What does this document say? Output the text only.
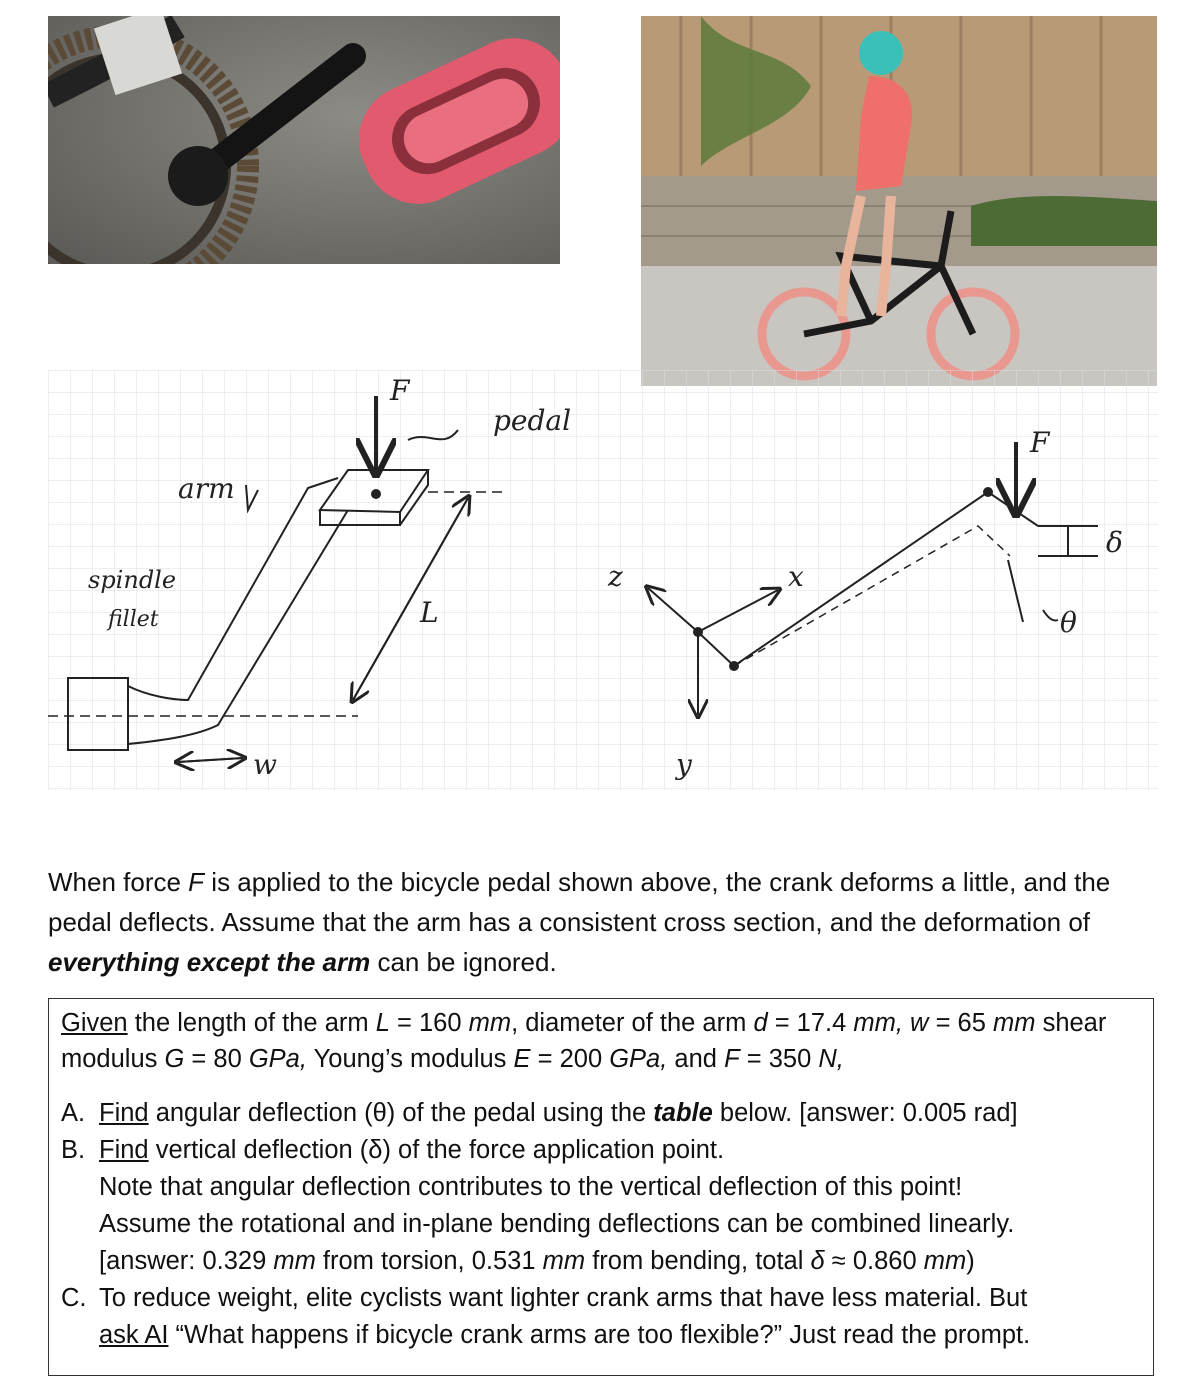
F
pedal
arm
spindle
fillet	L
w
F
δ
θ
x
y
z

When force F is applied to the bicycle pedal shown above, the crank deforms a little, and the pedal deflects. Assume that the arm has a consistent cross section, and the deformation of everything except the arm can be ignored.

Given the length of the arm L = 160 mm, diameter of the arm d = 17.4 mm, w = 65 mm shear modulus G = 80 GPa, Young’s modulus E = 200 GPa, and F = 350 N,

A. Find angular deflection (θ) of the pedal using the table below. [answer: 0.005 rad]
B. Find vertical deflection (δ) of the force application point.
Note that angular deflection contributes to the vertical deflection of this point!
Assume the rotational and in-plane bending deflections can be combined linearly.
[answer: 0.329 mm from torsion, 0.531 mm from bending, total δ ≈ 0.860 mm)
C. To reduce weight, elite cyclists want lighter crank arms that have less material. But
ask AI “What happens if bicycle crank arms are too flexible?” Just read the prompt.
